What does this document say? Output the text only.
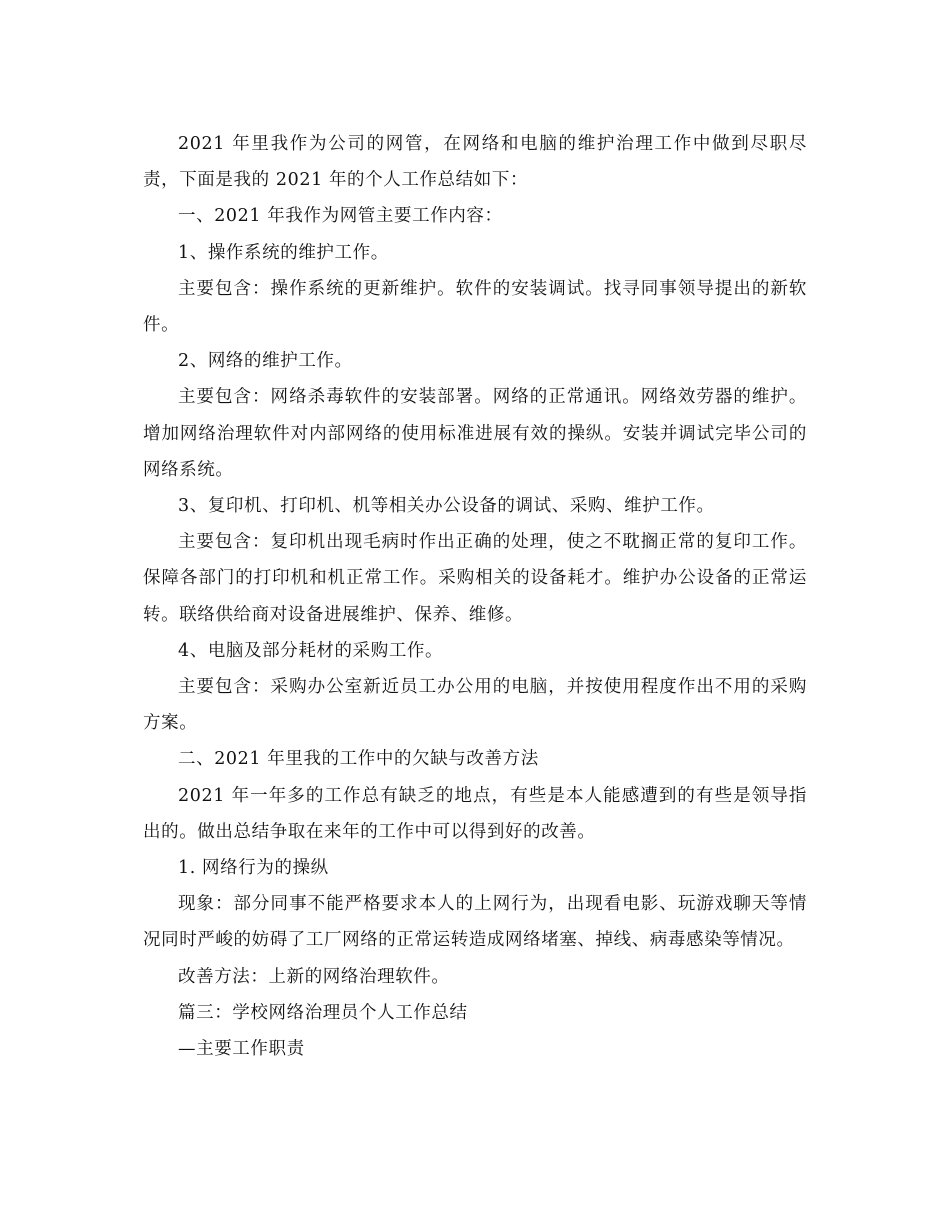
2021 年里我作为公司的网管，在网络和电脑的维护治理工作中做到尽职尽责，下面是我的 2021 年的个人工作总结如下：

一、2021 年我作为网管主要工作内容：

1、操作系统的维护工作。

主要包含：操作系统的更新维护。软件的安装调试。找寻同事领导提出的新软件。

2、网络的维护工作。

主要包含：网络杀毒软件的安装部署。网络的正常通讯。网络效劳器的维护。增加网络治理软件对内部网络的使用标准进展有效的操纵。安装并调试完毕公司的网络系统。

3、复印机、打印机、机等相关办公设备的调试、采购、维护工作。

主要包含：复印机出现毛病时作出正确的处理，使之不耽搁正常的复印工作。保障各部门的打印机和机正常工作。采购相关的设备耗才。维护办公设备的正常运转。联络供给商对设备进展维护、保养、维修。

4、电脑及部分耗材的采购工作。

主要包含：采购办公室新近员工办公用的电脑，并按使用程度作出不用的采购方案。

二、2021 年里我的工作中的欠缺与改善方法

2021 年一年多的工作总有缺乏的地点，有些是本人能感遭到的有些是领导指出的。做出总结争取在来年的工作中可以得到好的改善。

1. 网络行为的操纵

现象：部分同事不能严格要求本人的上网行为，出现看电影、玩游戏聊天等情况同时严峻的妨碍了工厂网络的正常运转造成网络堵塞、掉线、病毒感染等情况。

改善方法：上新的网络治理软件。

篇三：学校网络治理员个人工作总结

—主要工作职责
